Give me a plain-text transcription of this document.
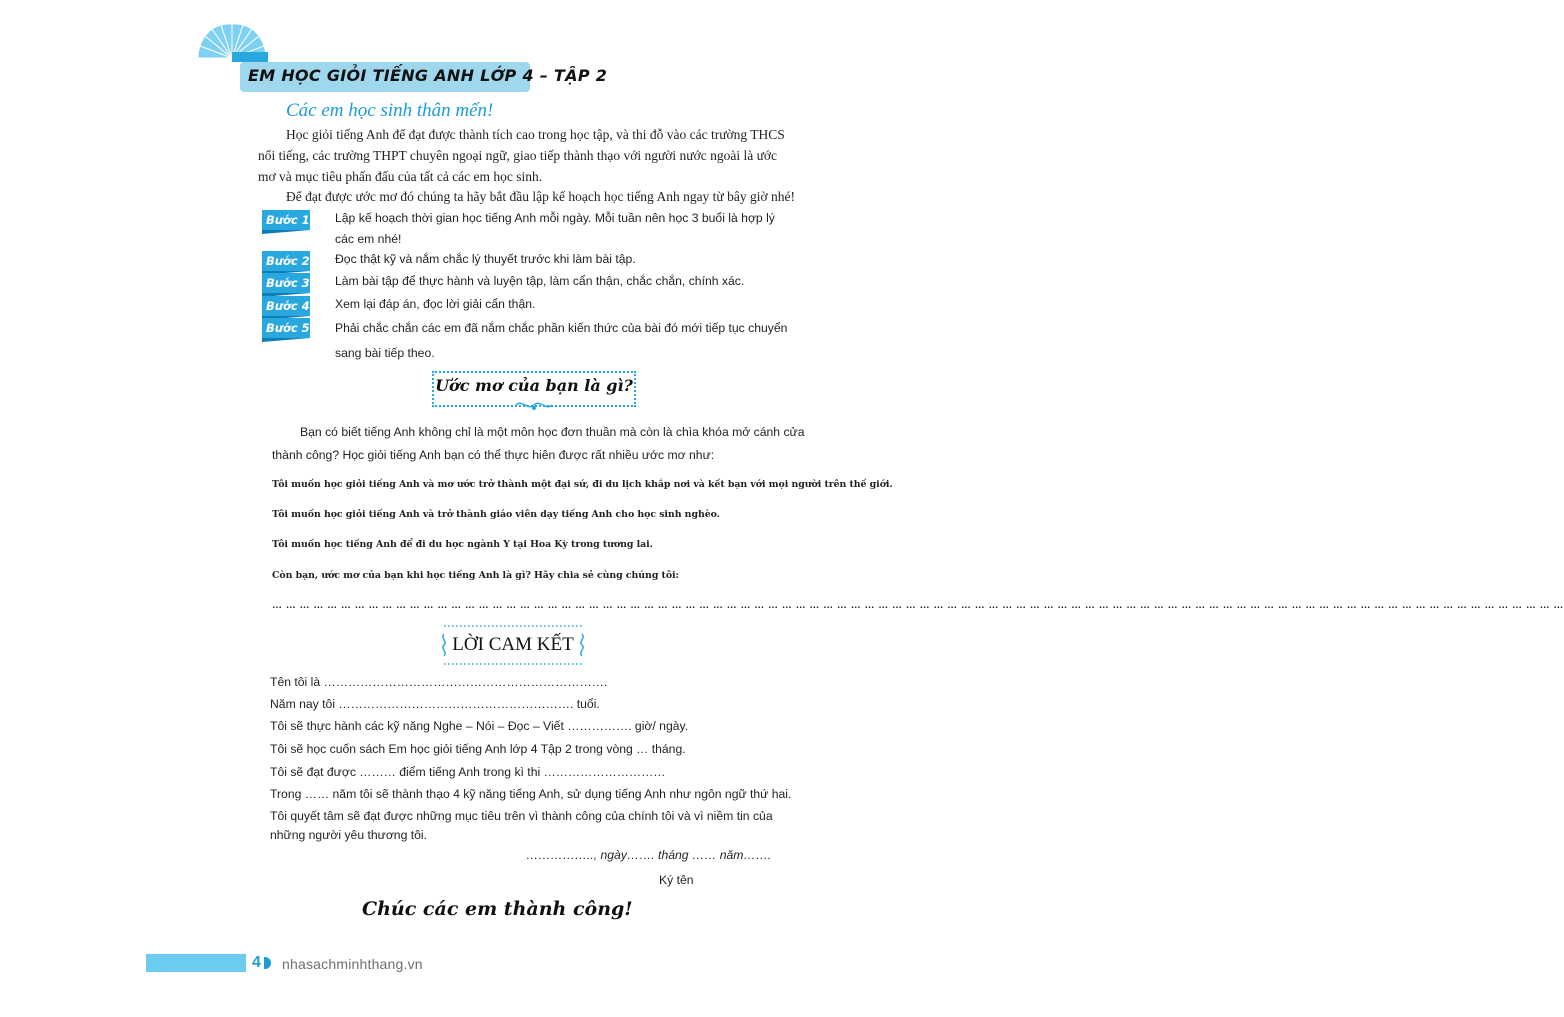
EM HỌC GIỎI TIẾNG ANH LỚP 4 – TẬP 2
Các em học sinh thân mến!
Học giỏi tiếng Anh để đạt được thành tích cao trong học tập, và thi đỗ vào các trường THCS nổi tiếng, các trường THPT chuyên ngoại ngữ, giao tiếp thành thạo với người nước ngoài là ước mơ và mục tiêu phấn đấu của tất cả các em học sinh.
Để đạt được ước mơ đó chúng ta hãy bắt đầu lập kế hoạch học tiếng Anh ngay từ bây giờ nhé!
Bước 1: Lập kế hoạch thời gian học tiếng Anh mỗi ngày. Mỗi tuần nên học 3 buổi là hợp lý các em nhé!
Bước 2: Đọc thật kỹ và nắm chắc lý thuyết trước khi làm bài tập.
Bước 3: Làm bài tập để thực hành và luyện tập, làm cẩn thận, chắc chắn, chính xác.
Bước 4: Xem lại đáp án, đọc lời giải cẩn thận.
Bước 5: Phải chắc chắn các em đã nắm chắc phần kiến thức của bài đó mới tiếp tục chuyển sang bài tiếp theo.
Ước mơ của bạn là gì?
Bạn có biết tiếng Anh không chỉ là một môn học đơn thuần mà còn là chìa khóa mở cánh cửa thành công? Học giỏi tiếng Anh bạn có thể thực hiên được rất nhiều ước mơ như:
Tôi muốn học giỏi tiếng Anh và mơ ước trở thành một đại sứ, đi du lịch khắp nơi và kết bạn với mọi người trên thế giới.
Tôi muốn học giỏi tiếng Anh và trở thành giáo viên dạy tiếng Anh cho học sinh nghèo.
Tôi muốn học tiếng Anh để đi du học ngành Y tại Hoa Kỳ trong tương lai.
Còn bạn, ước mơ của bạn khi học tiếng Anh là gì? Hãy chia sẻ cùng chúng tôi:
… … … … … … … … … … … … … … … … … … … … … … … … … … … … … … … … … … … … … … … … … … … … … … … … … … … … … … … … … … … … … … … … … … … … … … … … … … … … … … … … … … … … … … … … … … … … … …
LỜI CAM KẾT
Tên tôi là …………………………………………………………….
Năm nay tôi …………………………………………………. tuổi.
Tôi sẽ thực hành các kỹ năng Nghe – Nói – Đọc – Viết ……………. giờ/ ngày.
Tôi sẽ học cuốn sách Em học giỏi tiếng Anh lớp 4 Tập 2 trong vòng … tháng.
Tôi sẽ đạt được ……… điểm tiếng Anh trong kì thi …………………………
Trong …… năm tôi sẽ thành thạo 4 kỹ năng tiếng Anh, sử dụng tiếng Anh như ngôn ngữ thứ hai.
Tôi quyết tâm sẽ đạt được những mục tiêu trên vì thành công của chính tôi và vì niềm tin của
những người yêu thương tôi.
…………….., ngày……. tháng …… năm…….
Ký tên
Chúc các em thành công!
4 nhasachminhthang.vn
